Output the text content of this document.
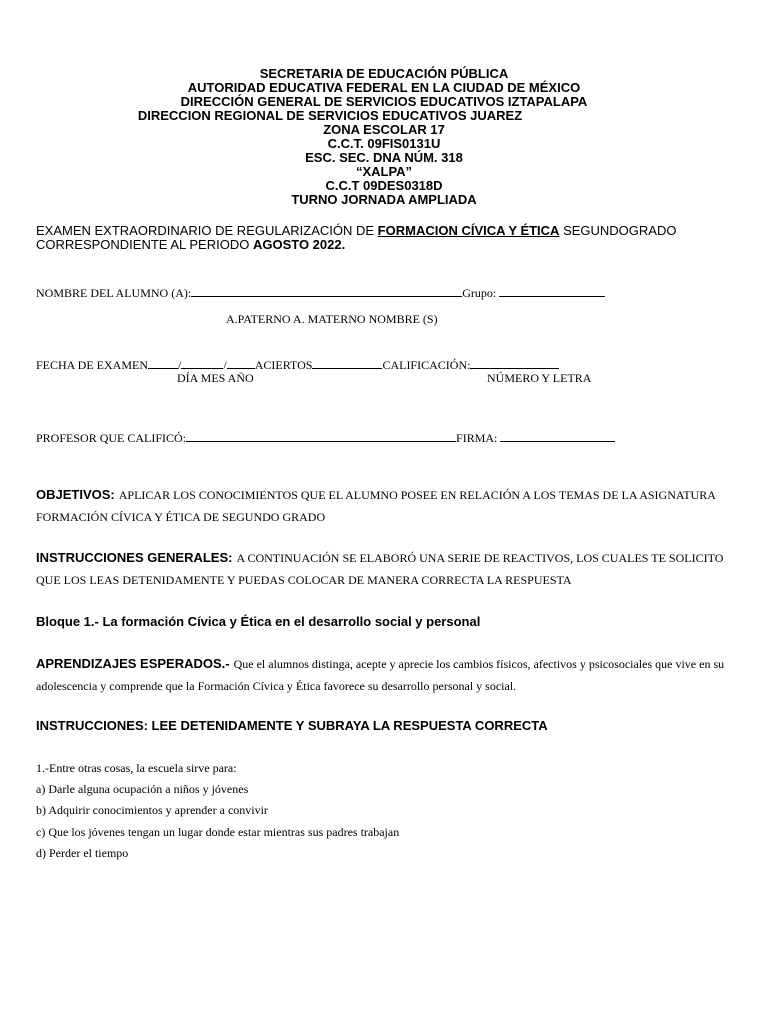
SECRETARIA DE EDUCACIÓN PÚBLICA
AUTORIDAD EDUCATIVA FEDERAL EN LA CIUDAD DE MÉXICO
DIRECCIÓN GENERAL DE SERVICIOS EDUCATIVOS IZTAPALAPA
DIRECCION REGIONAL DE SERVICIOS EDUCATIVOS JUAREZ
ZONA ESCOLAR 17
C.C.T. 09FIS0131U
ESC. SEC. DNA NÚM. 318
“XALPA”
C.C.T 09DES0318D
TURNO JORNADA AMPLIADA
EXAMEN EXTRAORDINARIO DE REGULARIZACIÓN DE FORMACION CÍVICA Y ÉTICA SEGUNDOGRADO
CORRESPONDIENTE AL PERIODO AGOSTO 2022.
NOMBRE DEL ALUMNO (A):	Grupo:
A.PATERNO A. MATERNO NOMBRE (S)
FECHA DE EXAMEN	/	/ ACIERTOS	CALIFICACIÓN:
DÍA MES AÑO	NÚMERO Y LETRA
PROFESOR QUE CALIFICÓ:	FIRMA:
OBJETIVOS: APLICAR LOS CONOCIMIENTOS QUE EL ALUMNO POSEE EN RELACIÓN A LOS TEMAS DE LA ASIGNATURA FORMACIÓN CÍVICA Y ÉTICA DE SEGUNDO GRADO
INSTRUCCIONES GENERALES: A CONTINUACIÓN SE ELABORÓ UNA SERIE DE REACTIVOS, LOS CUALES TE SOLICITO QUE LOS LEAS DETENIDAMENTE Y PUEDAS COLOCAR DE MANERA CORRECTA LA RESPUESTA
Bloque 1.- La formación Cívica y Ética en el desarrollo social y personal
APRENDIZAJES ESPERADOS.- Que el alumnos distinga, acepte y aprecie los cambios físicos, afectivos y psicosociales que vive en su adolescencia y comprende que la Formación Cívica y Ética favorece su desarrollo personal y social.
INSTRUCCIONES: LEE DETENIDAMENTE Y SUBRAYA LA RESPUESTA CORRECTA
1.-Entre otras cosas, la escuela sirve para:
a) Darle alguna ocupación a niños y jóvenes
b) Adquirir conocimientos y aprender a convivir
c) Que los jóvenes tengan un lugar donde estar mientras sus padres trabajan
d) Perder el tiempo
